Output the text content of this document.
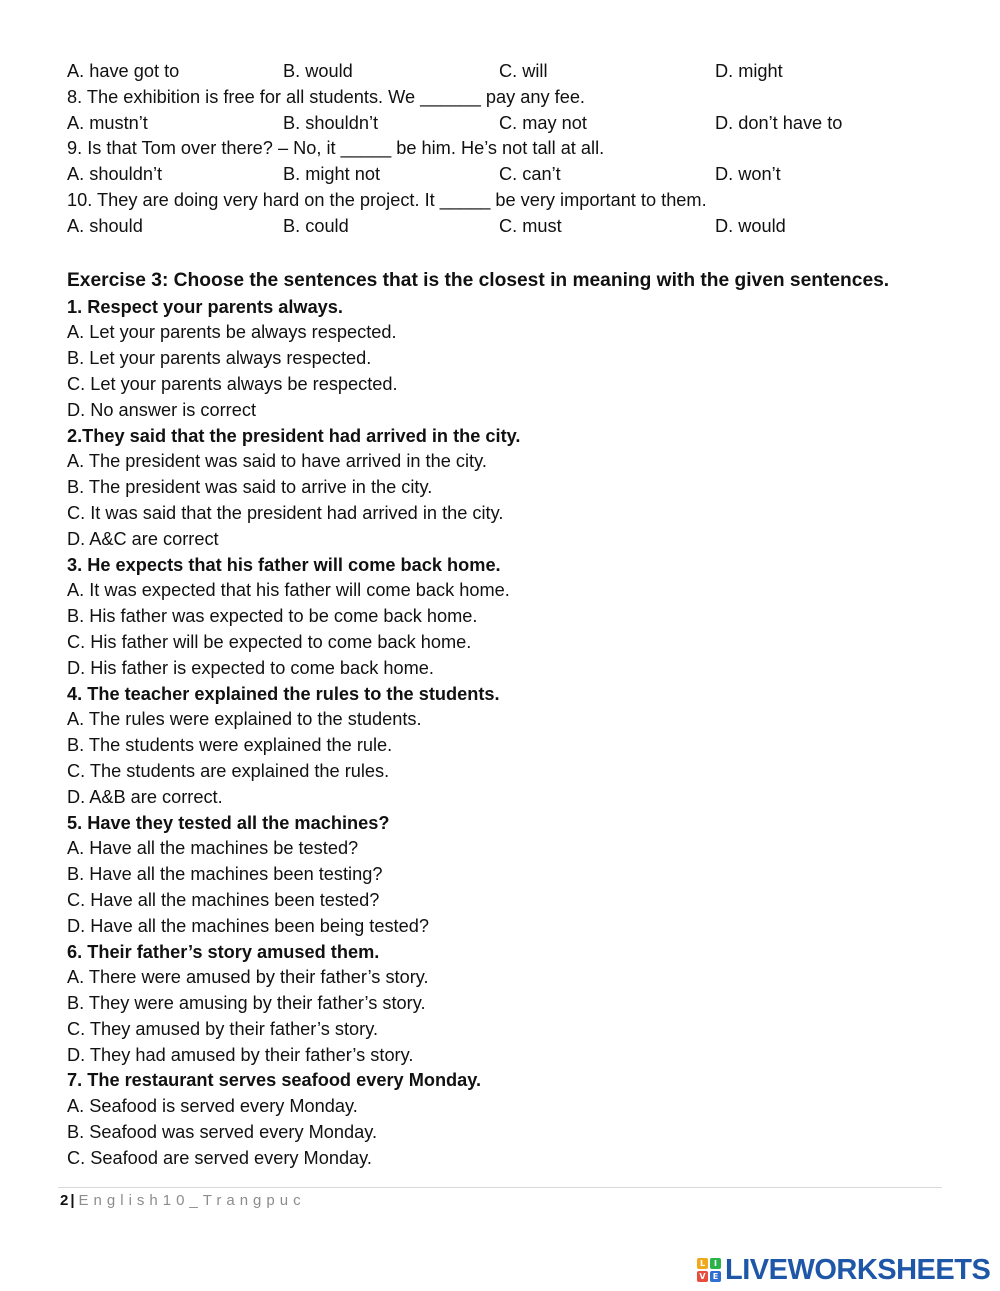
A. have got to	B. would	C. will	D. might
8. The exhibition is free for all students. We ______ pay any fee.
A. mustn’t	B. shouldn’t	C. may not	D. don’t have to
9. Is that Tom over there? – No, it _____ be him. He’s not tall at all.
A. shouldn’t	B. might not	C. can’t	D. won’t
10. They are doing very hard on the project. It _____ be very important to them.
A. should	B. could	C. must	D. would
Exercise 3: Choose the sentences that is the closest in meaning with the given sentences.
1. Respect your parents always.
A. Let your parents be always respected.
B. Let your parents always respected.
C. Let your parents always be respected.
D. No answer is correct
2.They said that the president had arrived in the city.
A. The president was said to have arrived in the city.
B. The president was said to arrive in the city.
C. It was said that the president had arrived in the city.
D. A&C are correct
3. He expects that his father will come back home.
A. It was expected that his father will come back home.
B. His father was expected to be come back home.
C. His father will be expected to come back home.
D. His father is expected to come back home.
4. The teacher explained the rules to the students.
A. The rules were explained to the students.
B. The students were explained the rule.
C. The students are explained the rules.
D. A&B are correct.
5. Have they tested all the machines?
A. Have all the machines be tested?
B. Have all the machines been testing?
C. Have all the machines been tested?
D. Have all the machines been being tested?
6. Their father’s story amused them.
A. There were amused by their father’s story.
B. They were amusing by their father’s story.
C. They amused by their father’s story.
D. They had amused by their father’s story.
7. The restaurant serves seafood every Monday.
A. Seafood is served every Monday.
B. Seafood was served every Monday.
C. Seafood are served every Monday.
2 | English10_Trangpuc
L	I
V E LIVEWORKSHEETS
